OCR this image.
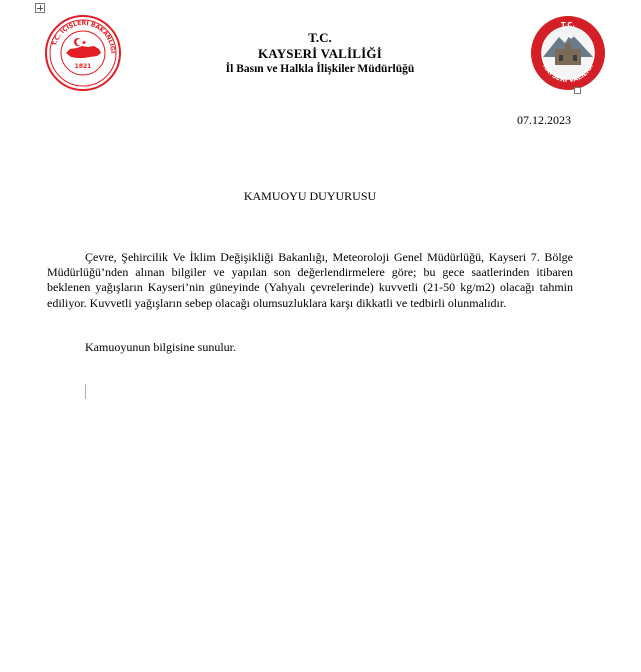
T.C. İÇİŞLERİ BAKANLIĞI
1821
T.C.
KAYSERİ VALİLİĞİ
İl Basın ve Halkla İlişkiler Müdürlüğü
T.C.
KAYSERİ VALİLİĞİ
07.12.2023
KAMUOYU DUYURUSU

Çevre, Şehircilik Ve İklim Değişikliği Bakanlığı, Meteoroloji Genel Müdürlüğü, Kayseri 7. Bölge Müdürlüğü’nden alınan bilgiler ve yapılan son değerlendirmelere göre; bu gece saatlerinden itibaren beklenen yağışların Kayseri’nin güneyinde (Yahyalı çevrelerinde) kuvvetli (21-50 kg/m2) olacağı tahmin ediliyor. Kuvvetli yağışların sebep olacağı olumsuzluklara karşı dikkatli ve tedbirli olunmalıdır.

Kamuoyunun bilgisine sunulur.
